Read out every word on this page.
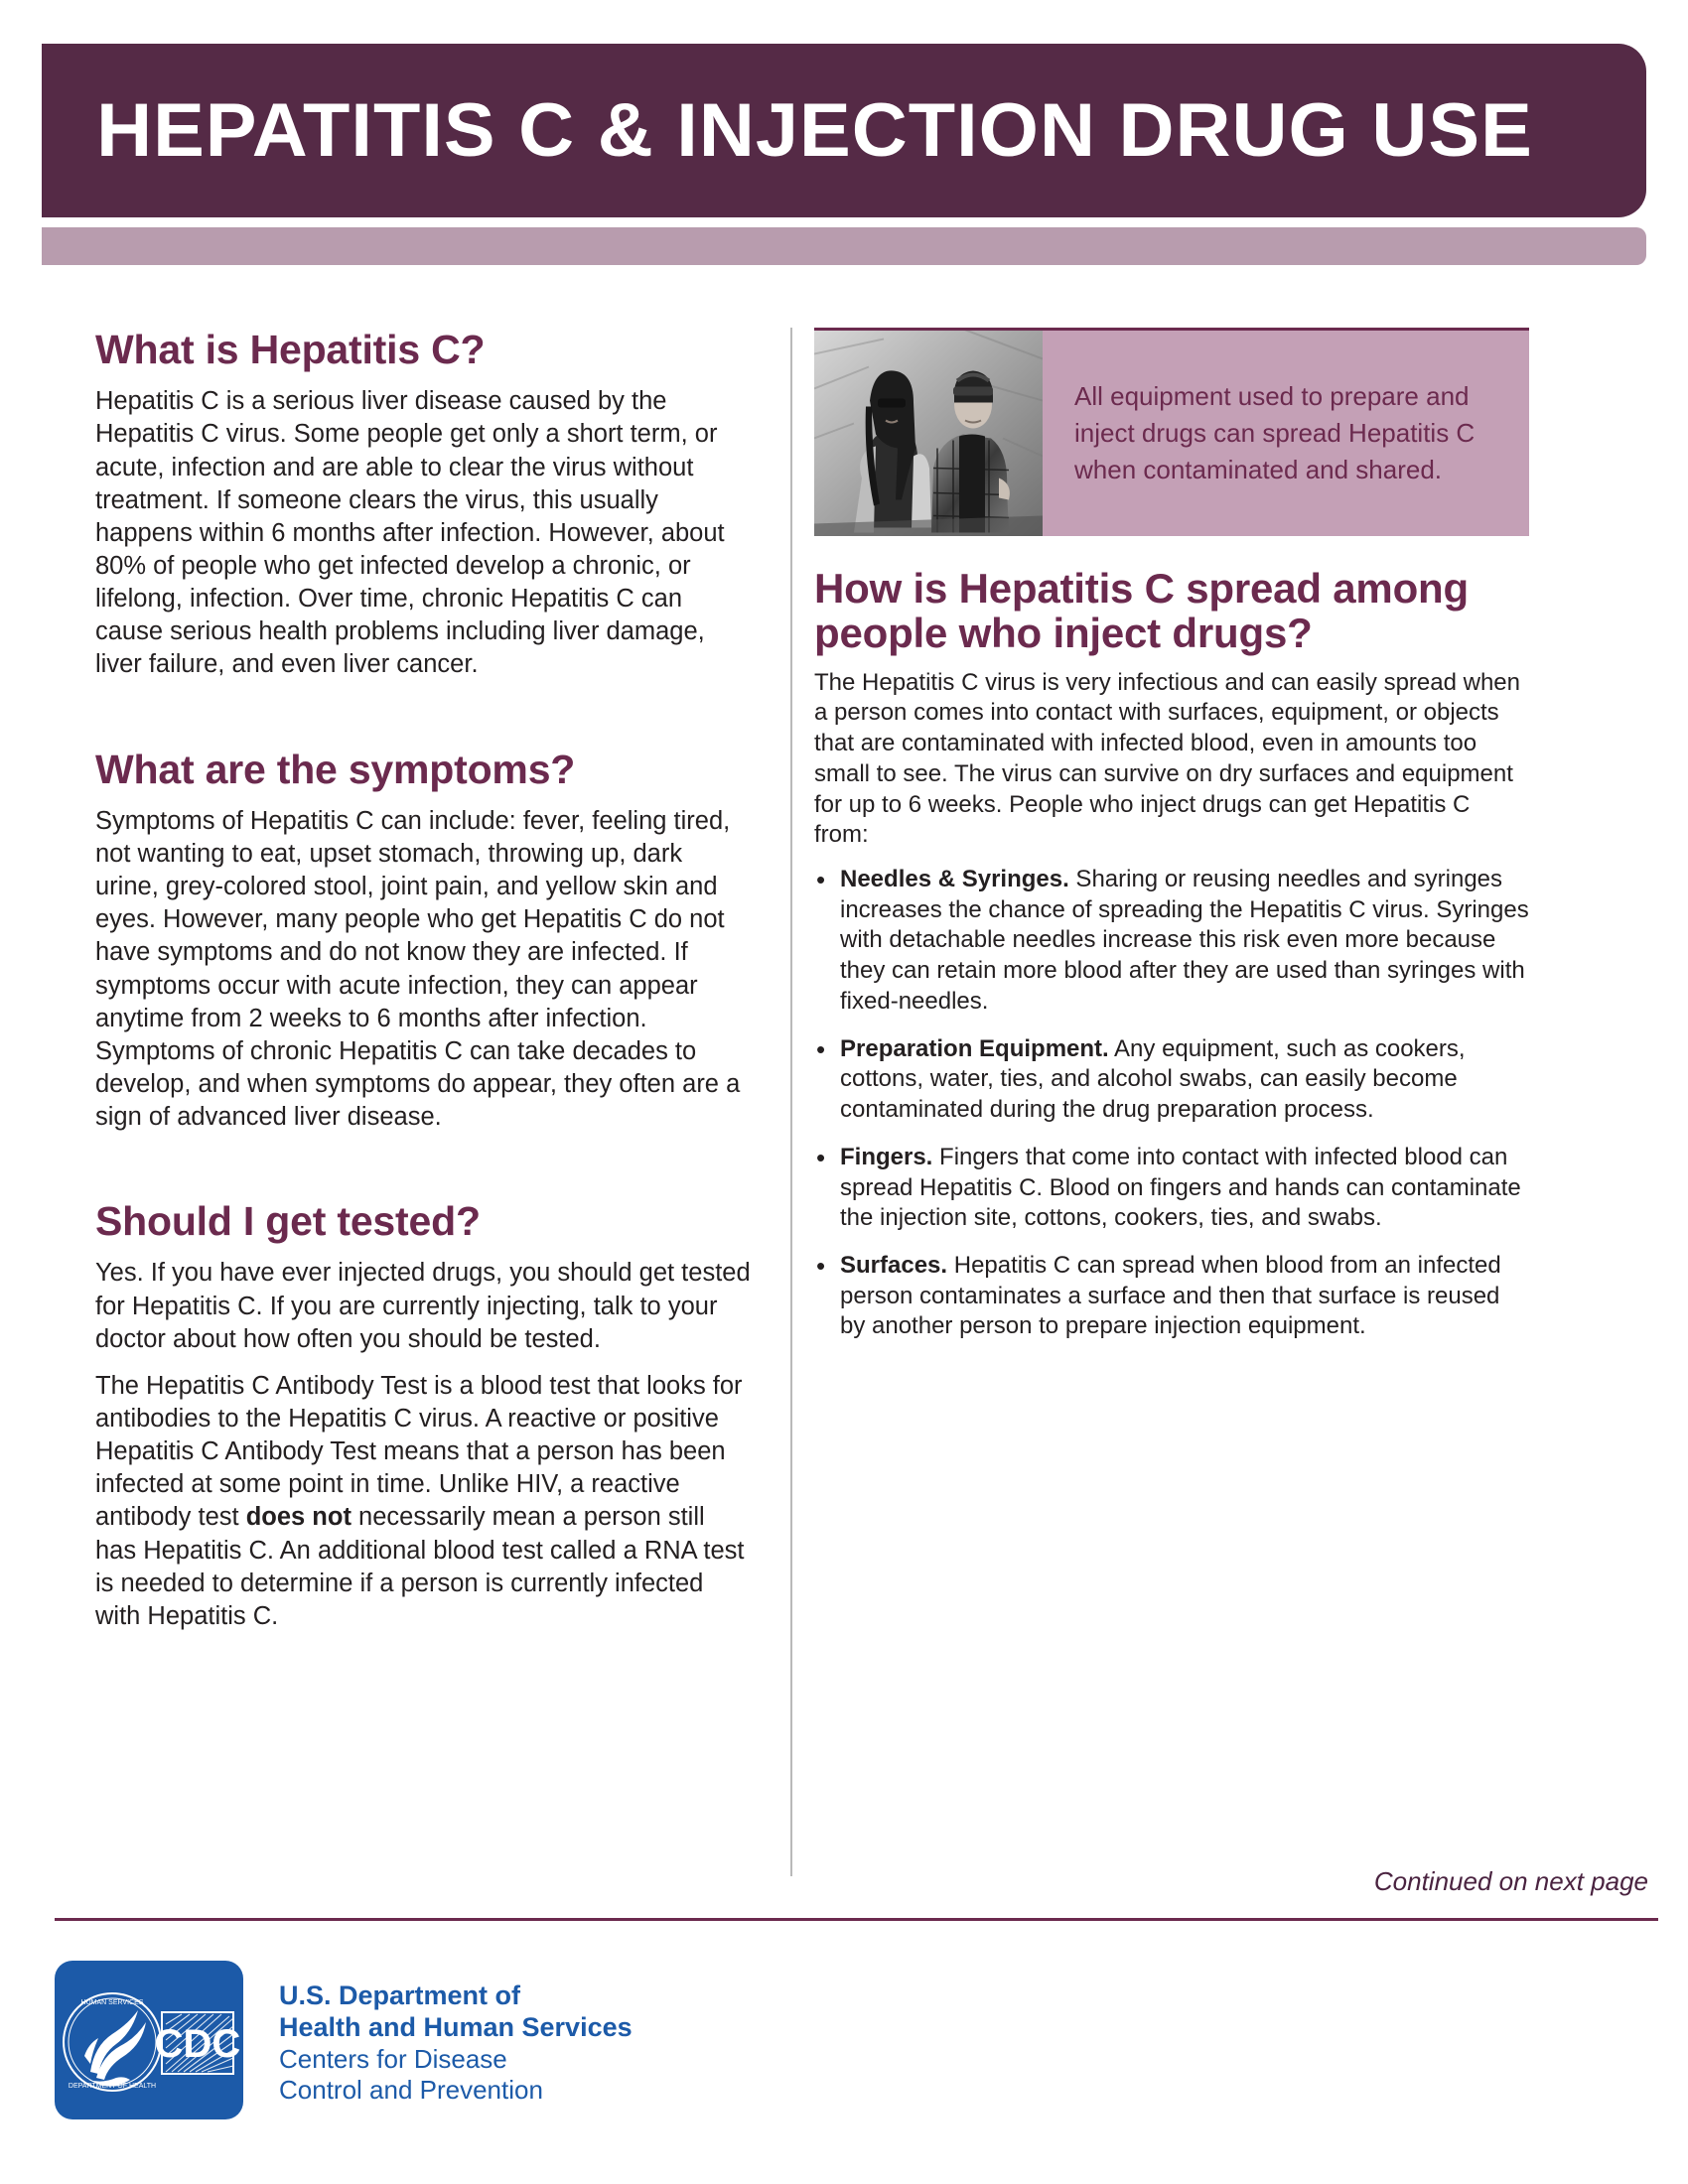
HEPATITIS C & INJECTION DRUG USE
What is Hepatitis C?

Hepatitis C is a serious liver disease caused by the Hepatitis C virus. Some people get only a short term, or acute, infection and are able to clear the virus without treatment. If someone clears the virus, this usually happens within 6 months after infection. However, about 80% of people who get infected develop a chronic, or lifelong, infection. Over time, chronic Hepatitis C can cause serious health problems including liver damage, liver failure, and even liver cancer.

What are the symptoms?

Symptoms of Hepatitis C can include: fever, feeling tired, not wanting to eat, upset stomach, throwing up, dark urine, grey-colored stool, joint pain, and yellow skin and eyes. However, many people who get Hepatitis C do not have symptoms and do not know they are infected. If symptoms occur with acute infection, they can appear anytime from 2 weeks to 6 months after infection. Symptoms of chronic Hepatitis C can take decades to develop, and when symptoms do appear, they often are a sign of advanced liver disease.

Should I get tested?

Yes. If you have ever injected drugs, you should get tested for Hepatitis C. If you are currently injecting, talk to your doctor about how often you should be tested.

The Hepatitis C Antibody Test is a blood test that looks for antibodies to the Hepatitis C virus. A reactive or positive Hepatitis C Antibody Test means that a person has been infected at some point in time. Unlike HIV, a reactive antibody test does not necessarily mean a person still has Hepatitis C. An additional blood test called a RNA test is needed to determine if a person is currently infected with Hepatitis C.

All equipment used to prepare and inject drugs can spread Hepatitis C when contaminated and shared.

How is Hepatitis C spread among people who inject drugs?

The Hepatitis C virus is very infectious and can easily spread when a person comes into contact with surfaces, equipment, or objects that are contaminated with infected blood, even in amounts too small to see. The virus can survive on dry surfaces and equipment for up to 6 weeks. People who inject drugs can get Hepatitis C from:

• Needles & Syringes. Sharing or reusing needles and syringes increases the chance of spreading the Hepatitis C virus. Syringes with detachable needles increase this risk even more because they can retain more blood after they are used than syringes with fixed-needles.
• Preparation Equipment. Any equipment, such as cookers, cottons, water, ties, and alcohol swabs, can easily become contaminated during the drug preparation process.
• Fingers. Fingers that come into contact with infected blood can spread Hepatitis C. Blood on fingers and hands can contaminate the injection site, cottons, cookers, ties, and swabs.
• Surfaces. Hepatitis C can spread when blood from an infected person contaminates a surface and then that surface is reused by another person to prepare injection equipment.
Continued on next page
HUMAN SERVICES
DEPARTMENT OF HEALTH
CDC
U.S. Department of
Health and Human Services
Centers for Disease
Control and Prevention
